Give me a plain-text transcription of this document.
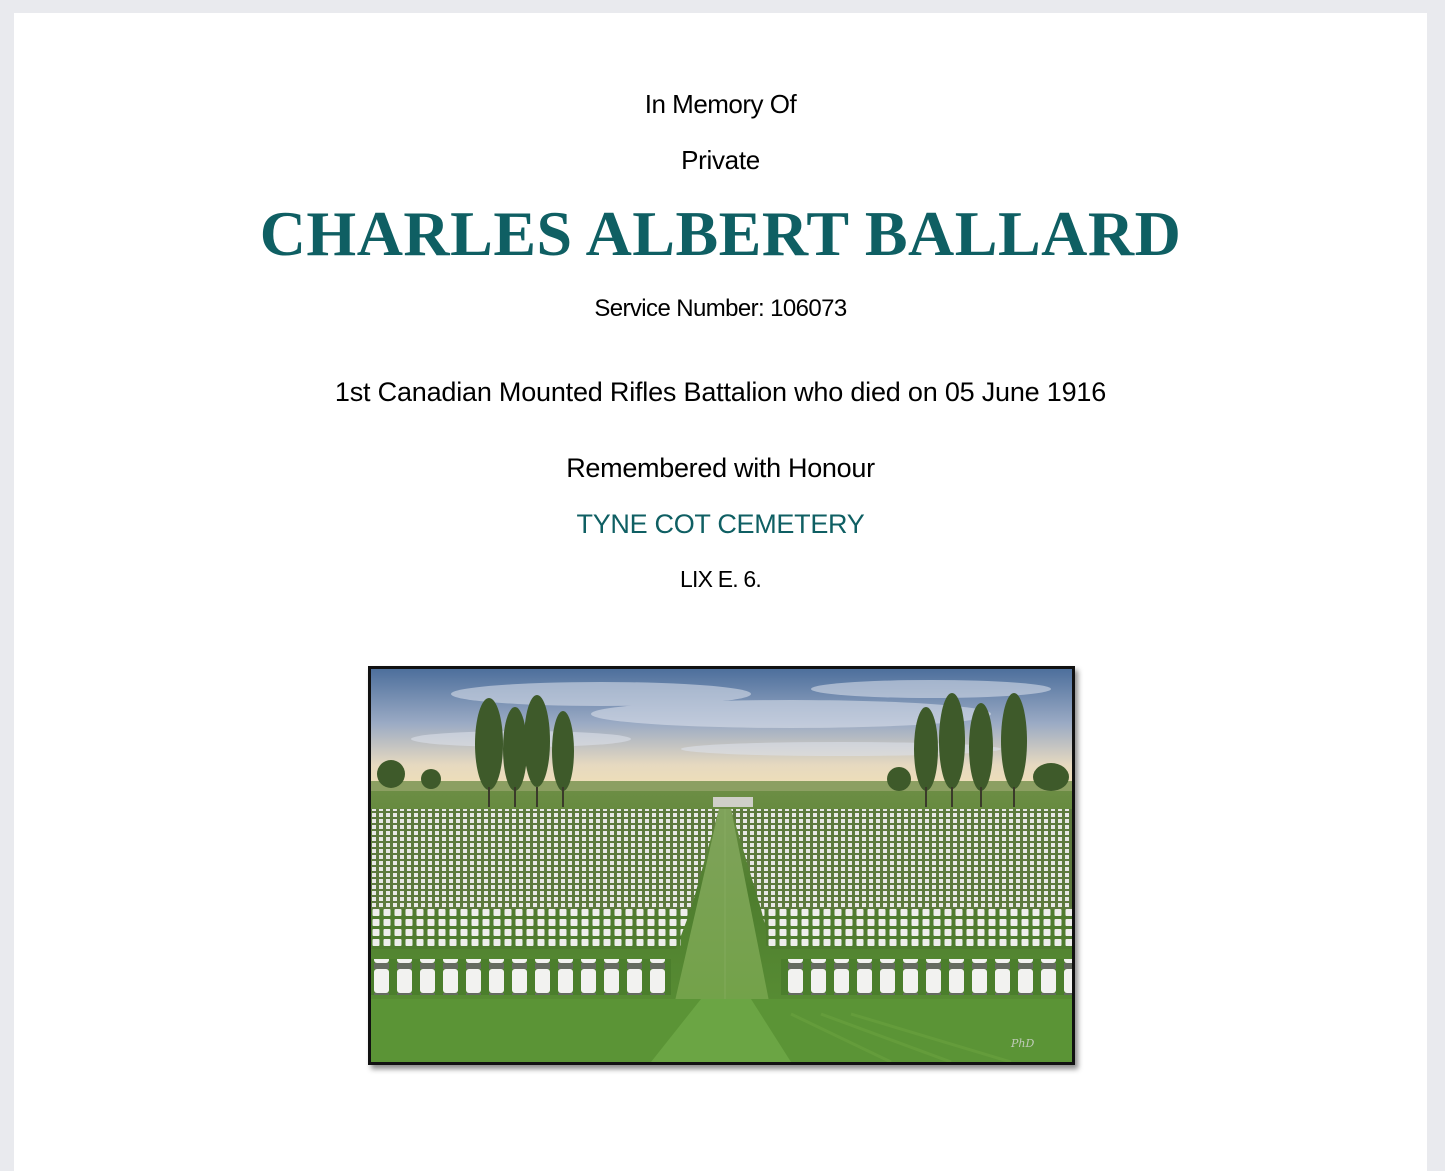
In Memory Of
Private
CHARLES ALBERT BALLARD
Service Number: 106073
1st Canadian Mounted Rifles Battalion who died on 05 June 1916
Remembered with Honour
TYNE COT CEMETERY
LIX E. 6.
PhD
